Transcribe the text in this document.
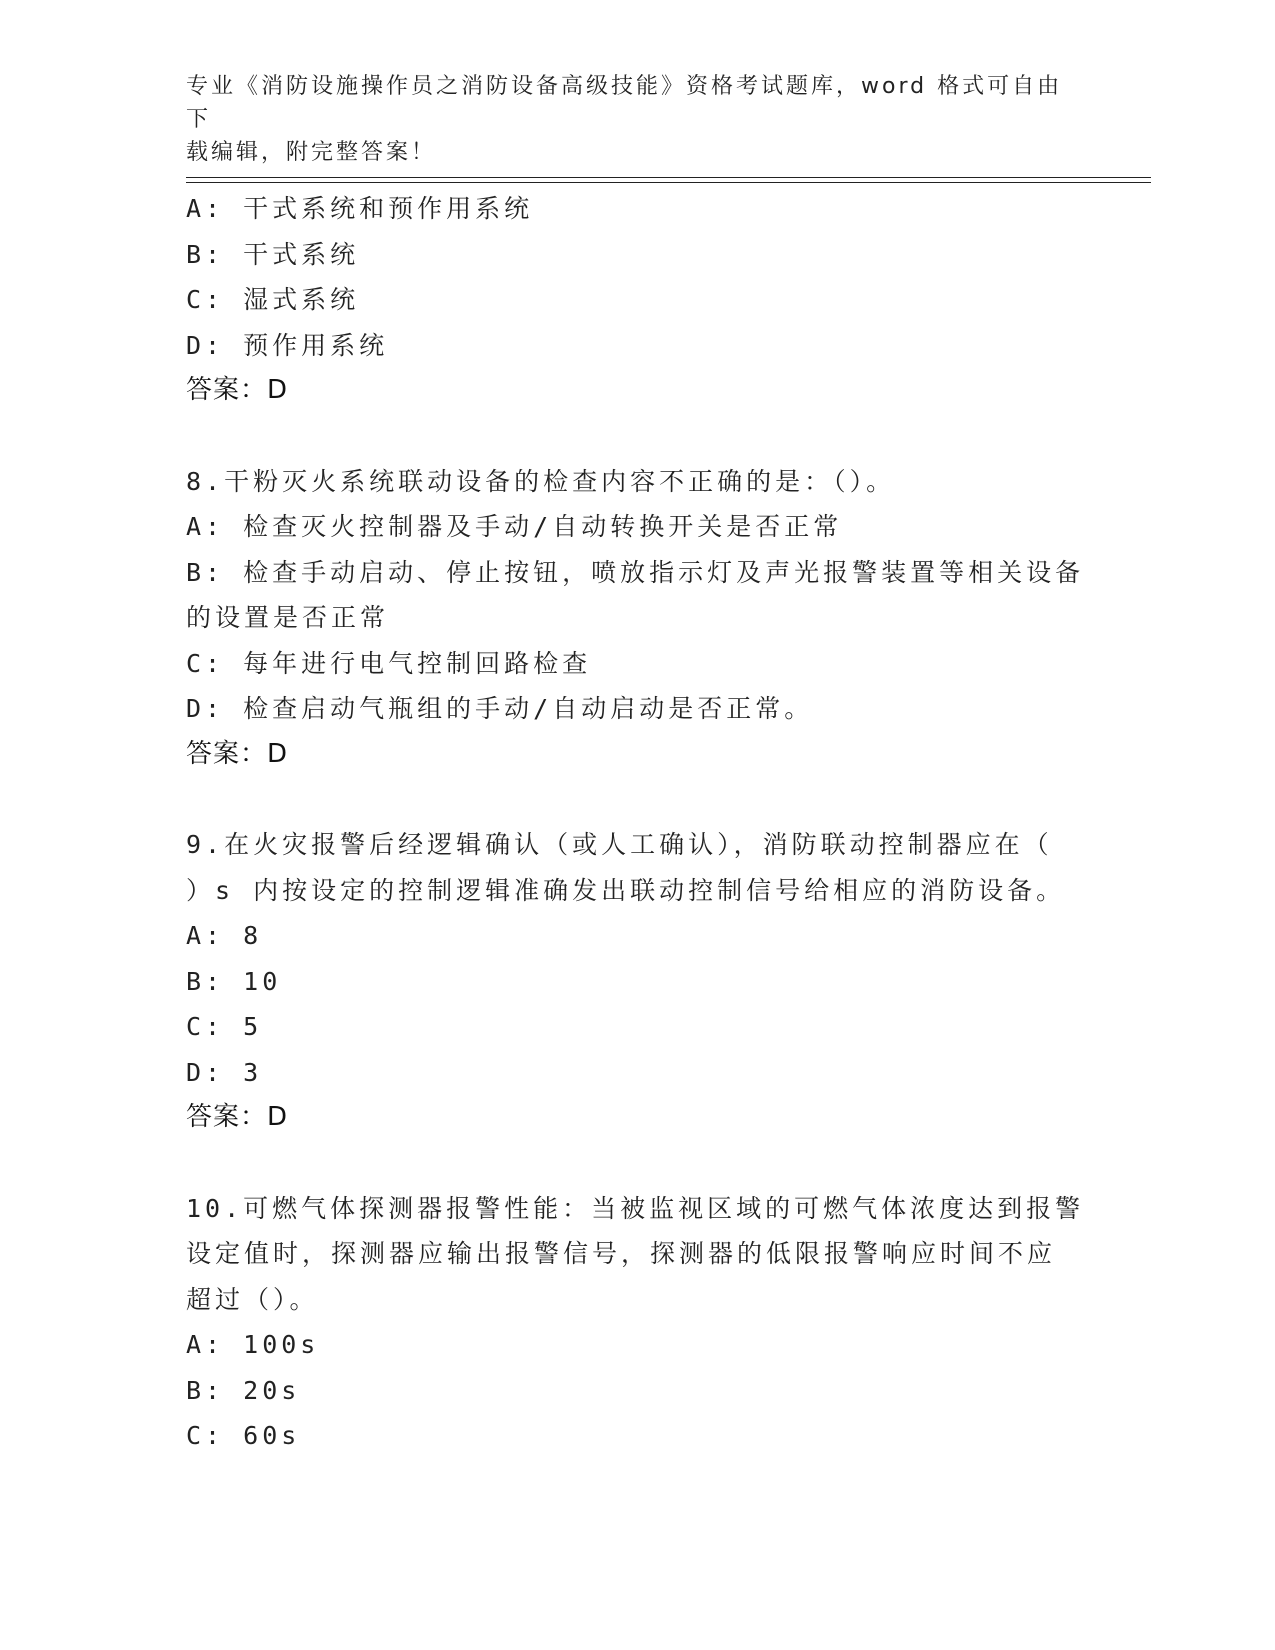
专业《消防设施操作员之消防设备高级技能》资格考试题库，word 格式可自由下
载编辑，附完整答案！
A: 干式系统和预作用系统
B: 干式系统
C: 湿式系统
D: 预作用系统
答案：D
8.干粉灭火系统联动设备的检查内容不正确的是：（）。
A: 检查灭火控制器及手动/自动转换开关是否正常
B: 检查手动启动、停止按钮，喷放指示灯及声光报警装置等相关设备
的设置是否正常
C: 每年进行电气控制回路检查
D: 检查启动气瓶组的手动/自动启动是否正常。
答案：D
9.在火灾报警后经逻辑确认（或人工确认），消防联动控制器应在（
）s 内按设定的控制逻辑准确发出联动控制信号给相应的消防设备。
A: 8
B: 10
C: 5
D: 3
答案：D
10.可燃气体探测器报警性能：当被监视区域的可燃气体浓度达到报警
设定值时，探测器应输出报警信号，探测器的低限报警响应时间不应
超过（）。
A: 100s
B: 20s
C: 60s
